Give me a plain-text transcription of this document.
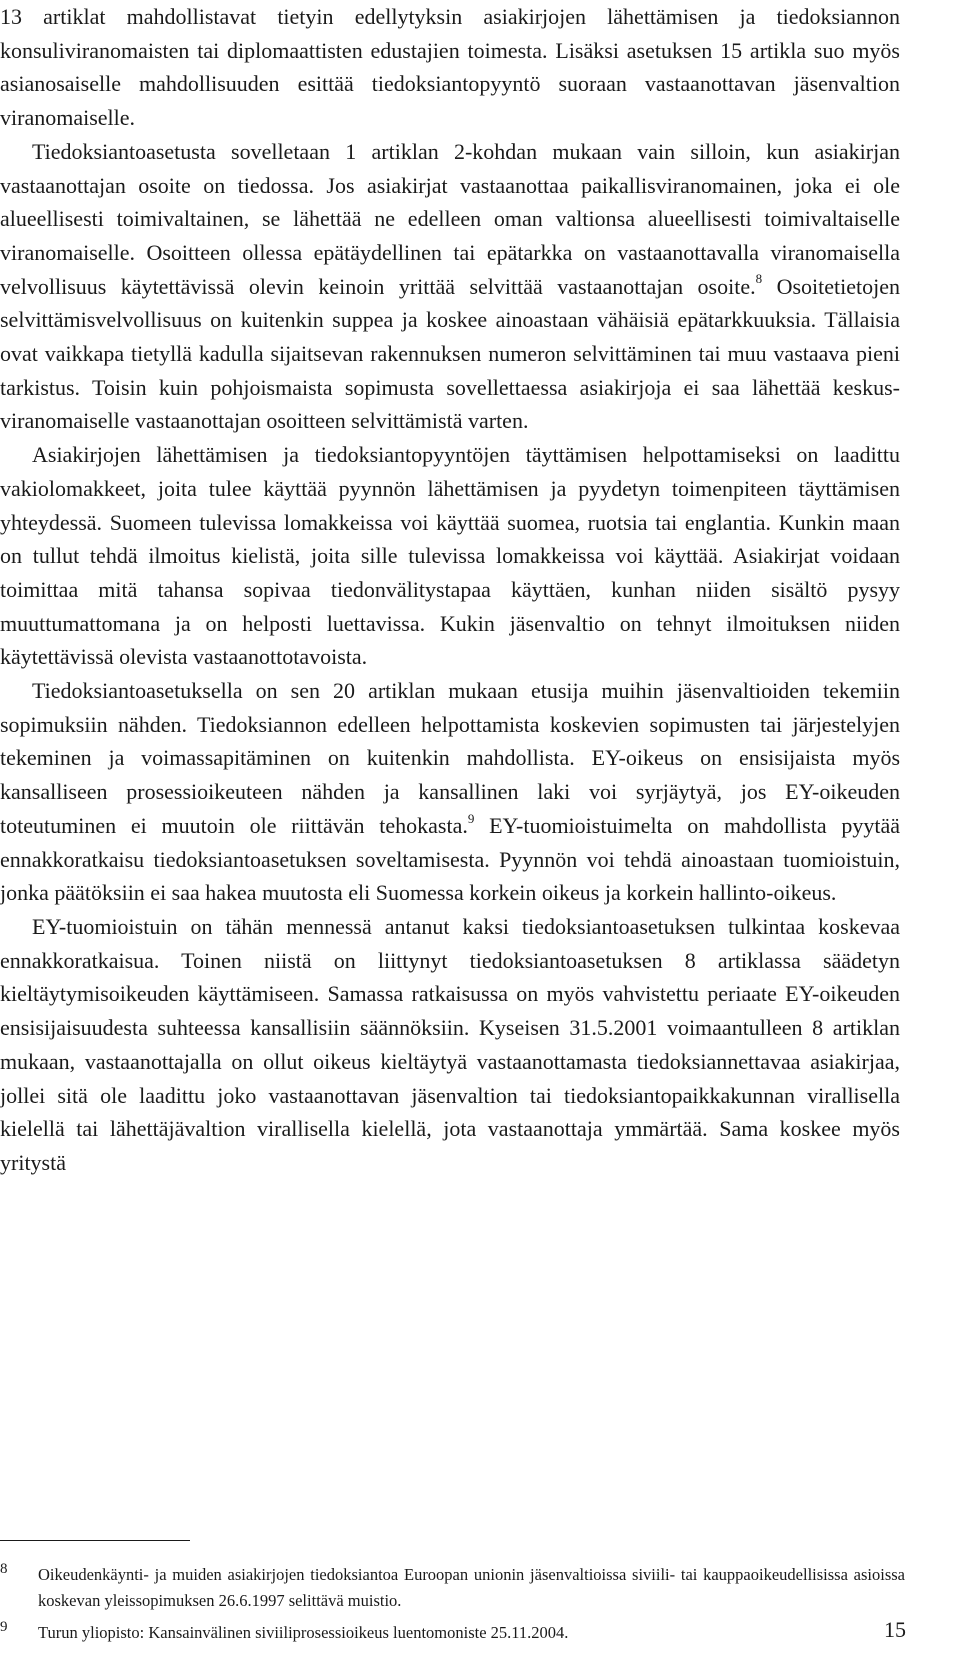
13 artiklat mahdollistavat tietyin edellytyksin asiakirjojen lähettämisen ja tiedoksiannon konsuliviranomaisten tai diplomaattisten edustajien toimesta. Lisäksi asetuksen 15 artikla suo myös asianosaiselle mahdollisuuden esittää tiedoksiantopyyntö suoraan vastaanottavan jäsenvaltion viranomaiselle.

Tiedoksiantoasetusta sovelletaan 1 artiklan 2-kohdan mukaan vain silloin, kun asiakirjan vastaanottajan osoite on tiedossa. Jos asiakirjat vastaanottaa paikallisviranomainen, joka ei ole alueellisesti toimivaltainen, se lähettää ne edelleen oman valtionsa alueellisesti toimivaltaiselle viranomaiselle. Osoitteen ollessa epätäydellinen tai epätarkka on vastaanottavalla viranomaisella velvollisuus käytettävissä olevin keinoin yrittää selvittää vastaanottajan osoite.$^8$ Osoitetietojen selvittämisvelvollisuus on kuitenkin suppea ja koskee ainoastaan vähäisiä epätarkkuuksia. Tällaisia ovat vaikkapa tietyllä kadulla sijaitsevan rakennuksen numeron selvittäminen tai muu vastaava pieni tarkistus. Toisin kuin pohjoismaista sopimusta sovellettaessa asiakirjoja ei saa lähettää keskusviranomaiselle vastaanottajan osoitteen selvittämistä varten.

Asiakirjojen lähettämisen ja tiedoksiantopyyntöjen täyttämisen helpottamiseksi on laadittu vakiolomakkeet, joita tulee käyttää pyynnön lähettämisen ja pyydetyn toimenpiteen täyttämisen yhteydessä. Suomeen tulevissa lomakkeissa voi käyttää suomea, ruotsia tai englantia. Kunkin maan on tullut tehdä ilmoitus kielistä, joita sille tulevissa lomakkeissa voi käyttää. Asiakirjat voidaan toimittaa mitä tahansa sopivaa tiedonvälitystapaa käyttäen, kunhan niiden sisältö pysyy muuttumattomana ja on helposti luettavissa. Kukin jäsenvaltio on tehnyt ilmoituksen niiden käytettävissä olevista vastaanottotavoista.

Tiedoksiantoasetuksella on sen 20 artiklan mukaan etusija muihin jäsenvaltioiden tekemiin sopimuksiin nähden. Tiedoksiannon edelleen helpottamista koskevien sopimusten tai järjestelyjen tekeminen ja voimassapitäminen on kuitenkin mahdollista. EY-oikeus on ensisijaista myös kansalliseen prosessioikeuteen nähden ja kansallinen laki voi syrjäytyä, jos EY-oikeuden toteutuminen ei muutoin ole riittävän tehokasta.$^9$ EY-tuomioistuimelta on mahdollista pyytää ennakkoratkaisu tiedoksiantoasetuksen soveltamisesta. Pyynnön voi tehdä ainoastaan tuomioistuin, jonka päätöksiin ei saa hakea muutosta eli Suomessa korkein oikeus ja korkein hallinto-oikeus.

EY-tuomioistuin on tähän mennessä antanut kaksi tiedoksiantoasetuksen tulkintaa koskevaa ennakkoratkaisua. Toinen niistä on liittynyt tiedoksiantoasetuksen 8 artiklassa säädetyn kieltäytymisoikeuden käyttämiseen. Samassa ratkaisussa on myös vahvistettu periaate EY-oikeuden ensisijaisuudesta suhteessa kansallisiin säännöksiin. Kyseisen 31.5.2001 voimaantulleen 8 artiklan mukaan, vastaanottajalla on ollut oikeus kieltäytyä vastaanottamasta tiedoksiannettavaa asiakirjaa, jollei sitä ole laadittu joko vastaanottavan jäsenvaltion tai tiedoksiantopaikkakunnan virallisella kielellä tai lähettäjävaltion virallisella kielellä, jota vastaanottaja ymmärtää. Sama koskee myös yritystä

8 Oikeudenkäynti- ja muiden asiakirjojen tiedoksiantoa Euroopan unionin jäsenvaltioissa siviili- tai kauppaoikeudellisissa asioissa koskevan yleissopimuksen 26.6.1997 selittävä muistio.
9 Turun yliopisto: Kansainvälinen siviiliprosessioikeus luentomoniste 25.11.2004.	15
